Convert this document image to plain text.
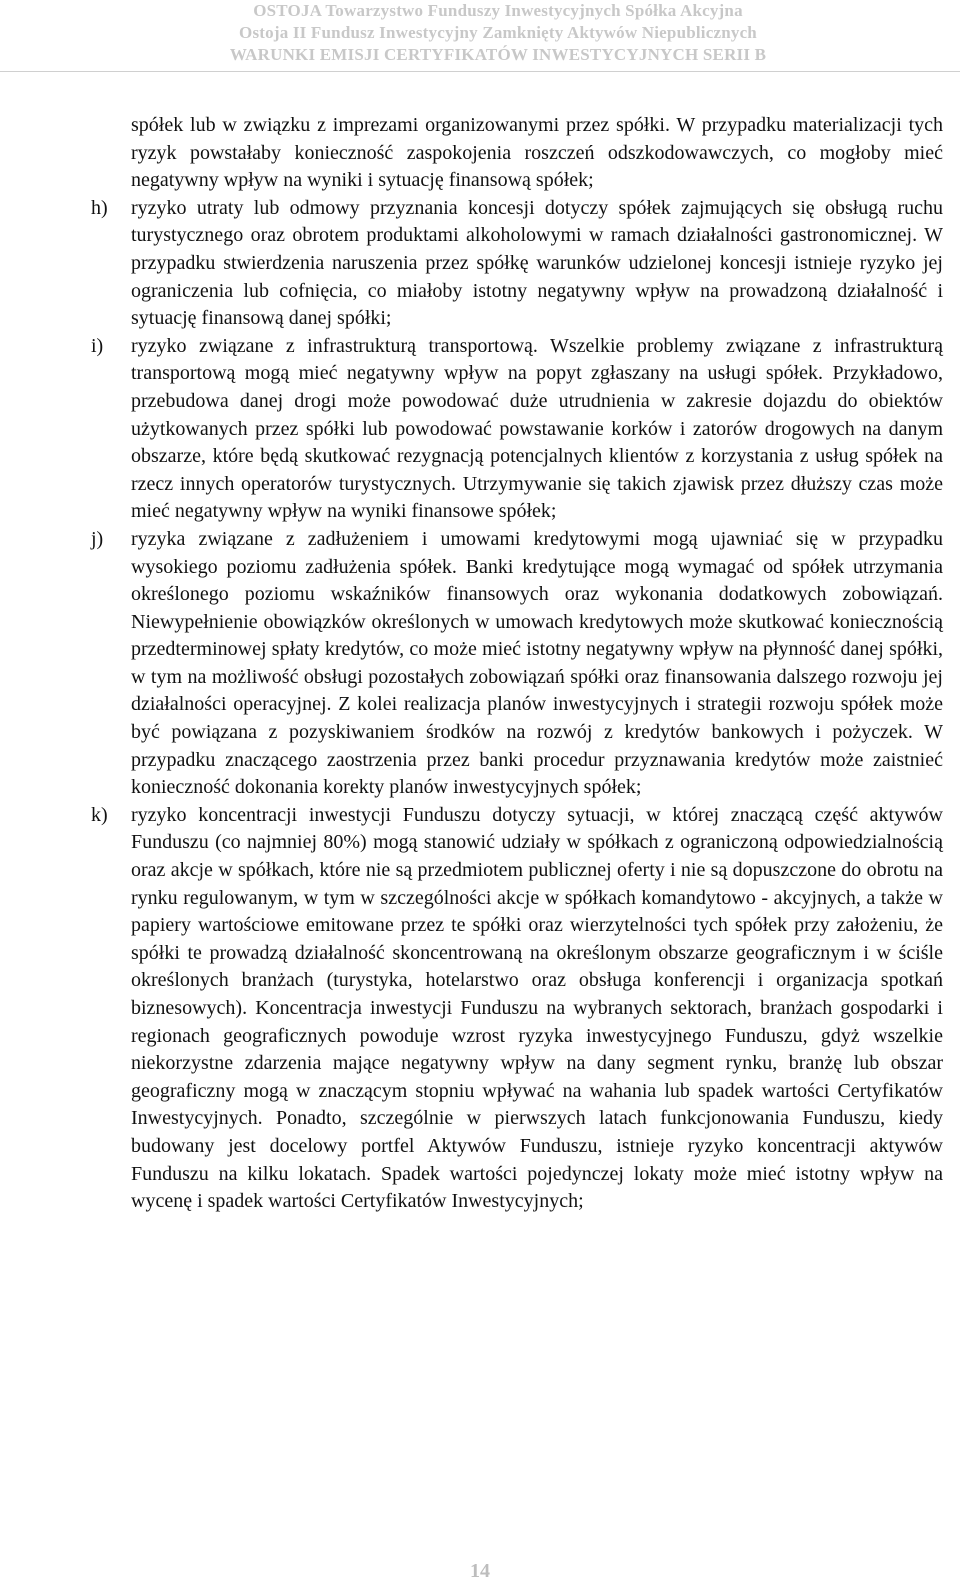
OSTOJA Towarzystwo Funduszy Inwestycyjnych Spółka Akcyjna
Ostoja II Fundusz Inwestycyjny Zamknięty Aktywów Niepublicznych
WARUNKI EMISJI CERTYFIKATÓW INWESTYCYJNYCH SERII B
spółek lub w związku z imprezami organizowanymi przez spółki. W przypadku materializacji tych ryzyk powstałaby konieczność zaspokojenia roszczeń odszkodowawczych, co mogłoby mieć negatywny wpływ na wyniki i sytuację finansową spółek;
h) ryzyko utraty lub odmowy przyznania koncesji dotyczy spółek zajmujących się obsługą ruchu turystycznego oraz obrotem produktami alkoholowymi w ramach działalności gastronomicznej. W przypadku stwierdzenia naruszenia przez spółkę warunków udzielonej koncesji istnieje ryzyko jej ograniczenia lub cofnięcia, co miałoby istotny negatywny wpływ na prowadzoną działalność i sytuację finansową danej spółki;
i) ryzyko związane z infrastrukturą transportową. Wszelkie problemy związane z infrastrukturą transportową mogą mieć negatywny wpływ na popyt zgłaszany na usługi spółek. Przykładowo, przebudowa danej drogi może powodować duże utrudnienia w zakresie dojazdu do obiektów użytkowanych przez spółki lub powodować powstawanie korków i zatorów drogowych na danym obszarze, które będą skutkować rezygnacją potencjalnych klientów z korzystania z usług spółek na rzecz innych operatorów turystycznych. Utrzymywanie się takich zjawisk przez dłuższy czas może mieć negatywny wpływ na wyniki finansowe spółek;
j) ryzyka związane z zadłużeniem i umowami kredytowymi mogą ujawniać się w przypadku wysokiego poziomu zadłużenia spółek. Banki kredytujące mogą wymagać od spółek utrzymania określonego poziomu wskaźników finansowych oraz wykonania dodatkowych zobowiązań. Niewypełnienie obowiązków określonych w umowach kredytowych może skutkować koniecznością przedterminowej spłaty kredytów, co może mieć istotny negatywny wpływ na płynność danej spółki, w tym na możliwość obsługi pozostałych zobowiązań spółki oraz finansowania dalszego rozwoju jej działalności operacyjnej. Z kolei realizacja planów inwestycyjnych i strategii rozwoju spółek może być powiązana z pozyskiwaniem środków na rozwój z kredytów bankowych i pożyczek. W przypadku znaczącego zaostrzenia przez banki procedur przyznawania kredytów może zaistnieć konieczność dokonania korekty planów inwestycyjnych spółek;
k) ryzyko koncentracji inwestycji Funduszu dotyczy sytuacji, w której znaczącą część aktywów Funduszu (co najmniej 80%) mogą stanowić udziały w spółkach z ograniczoną odpowiedzialnością oraz akcje w spółkach, które nie są przedmiotem publicznej oferty i nie są dopuszczone do obrotu na rynku regulowanym, w tym w szczególności akcje w spółkach komandytowo - akcyjnych, a także w papiery wartościowe emitowane przez te spółki oraz wierzytelności tych spółek przy założeniu, że spółki te prowadzą działalność skoncentrowaną na określonym obszarze geograficznym i w ściśle określonych branżach (turystyka, hotelarstwo oraz obsługa konferencji i organizacja spotkań biznesowych). Koncentracja inwestycji Funduszu na wybranych sektorach, branżach gospodarki i regionach geograficznych powoduje wzrost ryzyka inwestycyjnego Funduszu, gdyż wszelkie niekorzystne zdarzenia mające negatywny wpływ na dany segment rynku, branżę lub obszar geograficzny mogą w znaczącym stopniu wpływać na wahania lub spadek wartości Certyfikatów Inwestycyjnych. Ponadto, szczególnie w pierwszych latach funkcjonowania Funduszu, kiedy budowany jest docelowy portfel Aktywów Funduszu, istnieje ryzyko koncentracji aktywów Funduszu na kilku lokatach. Spadek wartości pojedynczej lokaty może mieć istotny wpływ na wycenę i spadek wartości Certyfikatów Inwestycyjnych;
14
